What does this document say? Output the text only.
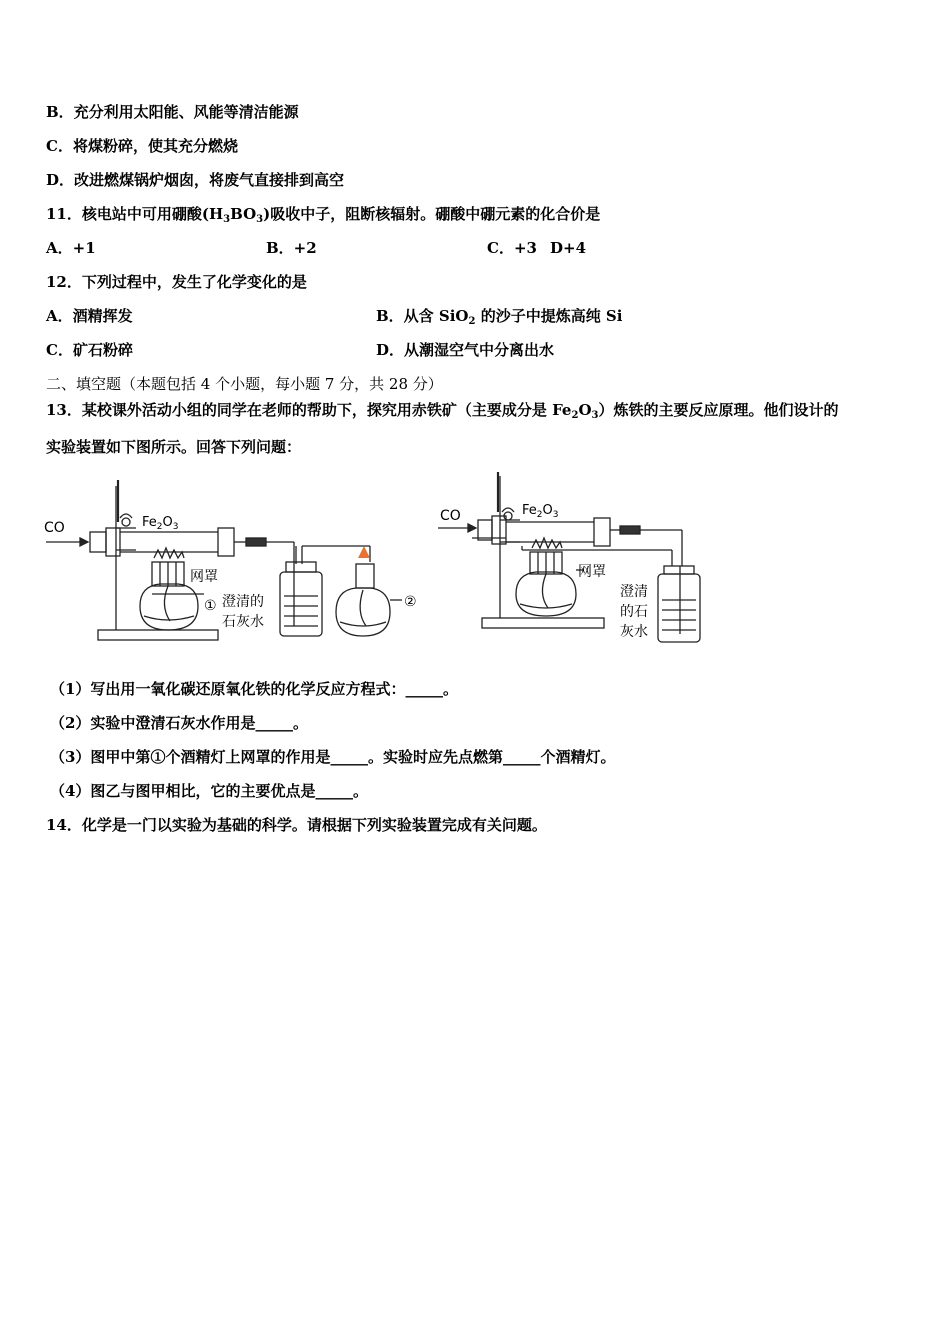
B．充分利用太阳能、风能等清洁能源
C．将煤粉碎，使其充分燃烧
D．改进燃煤锅炉烟囱，将废气直接排到高空
11．核电站中可用硼酸$(H_3BO_3)$吸收中子，阻断核辐射。硼酸中硼元素的化合价是
A．+1	B．+2	C．+3 D+4
12．下列过程中，发生了化学变化的是
A．酒精挥发	B．从含 SiO$_2$ 的沙子中提炼高纯 Si
C．矿石粉碎	D．从潮湿空气中分离出水
二、填空题（本题包括 4 个小题，每小题 7 分，共 28 分）
13．某校课外活动小组的同学在老师的帮助下，探究用赤铁矿（主要成分是 $Fe_2O_3$）炼铁的主要反应原理。他们设计的
实验装置如下图所示。回答下列问题：
CO	$Fe_2O_3$
网罩
① 澄清的
石灰水
②
CO	$Fe_2O_3$
网罩
澄清
的石
灰水
（1）写出用一氧化碳还原氧化铁的化学反应方程式：_____。
（2）实验中澄清石灰水作用是_____。
（3）图甲中第①个酒精灯上网罩的作用是_____。实验时应先点燃第_____个酒精灯。
（4）图乙与图甲相比，它的主要优点是_____。
14．化学是一门以实验为基础的科学。请根据下列实验装置完成有关问题。
